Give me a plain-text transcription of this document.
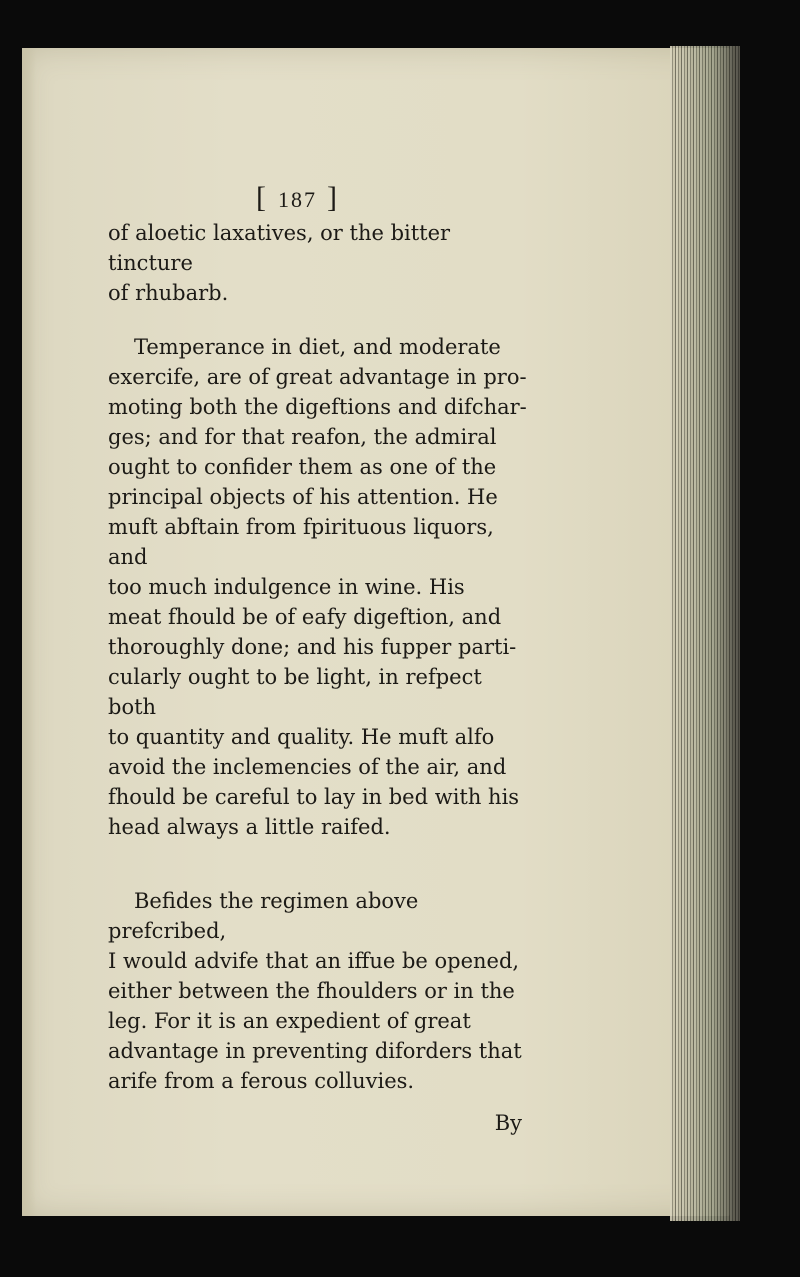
[ 187 ]

of aloetic laxatives, or the bitter tincture

of rhubarb.

Temperance in diet, and moderate

exercife, are of great advantage in pro-

moting both the digeftions and difchar-

ges; and for that reafon, the admiral

ought to confider them as one of the

principal objects of his attention. He

muft abftain from fpirituous liquors, and

too much indulgence in wine. His

meat fhould be of eafy digeftion, and

thoroughly done; and his fupper parti-

cularly ought to be light, in refpect both

to quantity and quality. He muft alfo

avoid the inclemencies of the air, and

fhould be careful to lay in bed with his

head always a little raifed.

Befides the regimen above prefcribed,

I would advife that an iffue be opened,

either between the fhoulders or in the

leg. For it is an expedient of great

advantage in preventing diforders that

arife from a ferous colluvies.

By
